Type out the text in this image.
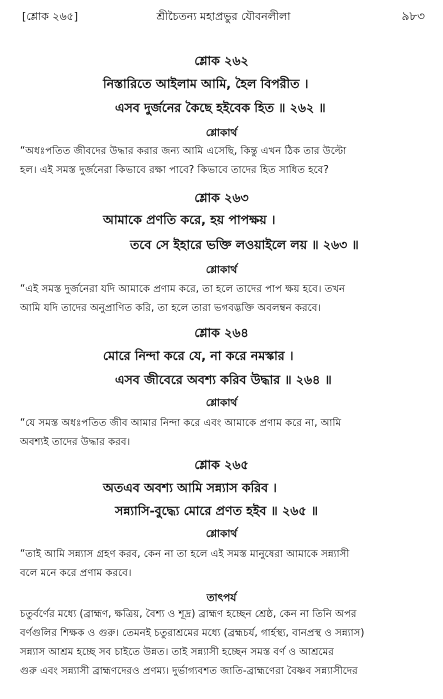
[শ্লোক ২৬৫]	শ্রীচৈতন্য মহাপ্রভুর যৌবনলীলা	৯৮৩
শ্লোক ২৬২
নিস্তারিতে আইলাম আমি, হৈল বিপরীত ।
এসব দুর্জনের কৈছে হইবেক হিত ॥ ২৬২ ॥
শ্লোকার্থ

“অধঃপতিত জীবদের উদ্ধার করার জন্য আমি এসেছি, কিন্তু এখন ঠিক তার উল্টো

হল। এই সমস্ত দুর্জনেরা কিভাবে রক্ষা পাবে? কিভাবে তাদের হিত সাধিত হবে?

শ্লোক ২৬৩
আমাকে প্রণতি করে, হয় পাপক্ষয় ।
তবে সে ইহারে ভক্তি লওয়াইলে লয় ॥ ২৬৩ ॥
শ্লোকার্থ

“এই সমস্ত দুর্জনেরা যদি আমাকে প্রণাম করে, তা হলে তাদের পাপ ক্ষয় হবে। তখন

আমি যদি তাদের অনুপ্রাণিত করি, তা হলে তারা ভগবদ্ভক্তি অবলম্বন করবে।

শ্লোক ২৬৪
মোরে নিন্দা করে যে, না করে নমস্কার ।
এসব জীবেরে অবশ্য করিব উদ্ধার ॥ ২৬৪ ॥
শ্লোকার্থ

“যে সমস্ত অধঃপতিত জীব আমার নিন্দা করে এবং আমাকে প্রণাম করে না, আমি

অবশ্যই তাদের উদ্ধার করব।

শ্লোক ২৬৫
অতএব অবশ্য আমি সন্ন্যাস করিব ।
সন্ন্যাসি-বুদ্ধ্যে মোরে প্রণত হইব ॥ ২৬৫ ॥
শ্লোকার্থ

“তাই আমি সন্ন্যাস গ্রহণ করব, কেন না তা হলে এই সমস্ত মানুষেরা আমাকে সন্ন্যাসী

বলে মনে করে প্রণাম করবে।

তাৎপর্য

চতুর্বর্ণের মধ্যে (ব্রাহ্মণ, ক্ষত্রিয়, বৈশ্য ও শূদ্র) ব্রাহ্মণ হচ্ছেন শ্রেষ্ঠ, কেন না তিনি অপর

বর্ণগুলির শিক্ষক ও গুরু। তেমনই চতুরাশ্রমের মধ্যে (ব্রহ্মচর্য, গার্হস্থ্য, বানপ্রস্থ ও সন্ন্যাস)

সন্ন্যাস আশ্রম হচ্ছে সব চাইতে উন্নত। তাই সন্ন্যাসী হচ্ছেন সমস্ত বর্ণ ও আশ্রমের

গুরু এবং সন্ন্যাসী ব্রাহ্মণদেরও প্রণম্য। দুর্ভাগ্যবশত জাতি-ব্রাহ্মণেরা বৈষ্ণব সন্ন্যাসীদের
